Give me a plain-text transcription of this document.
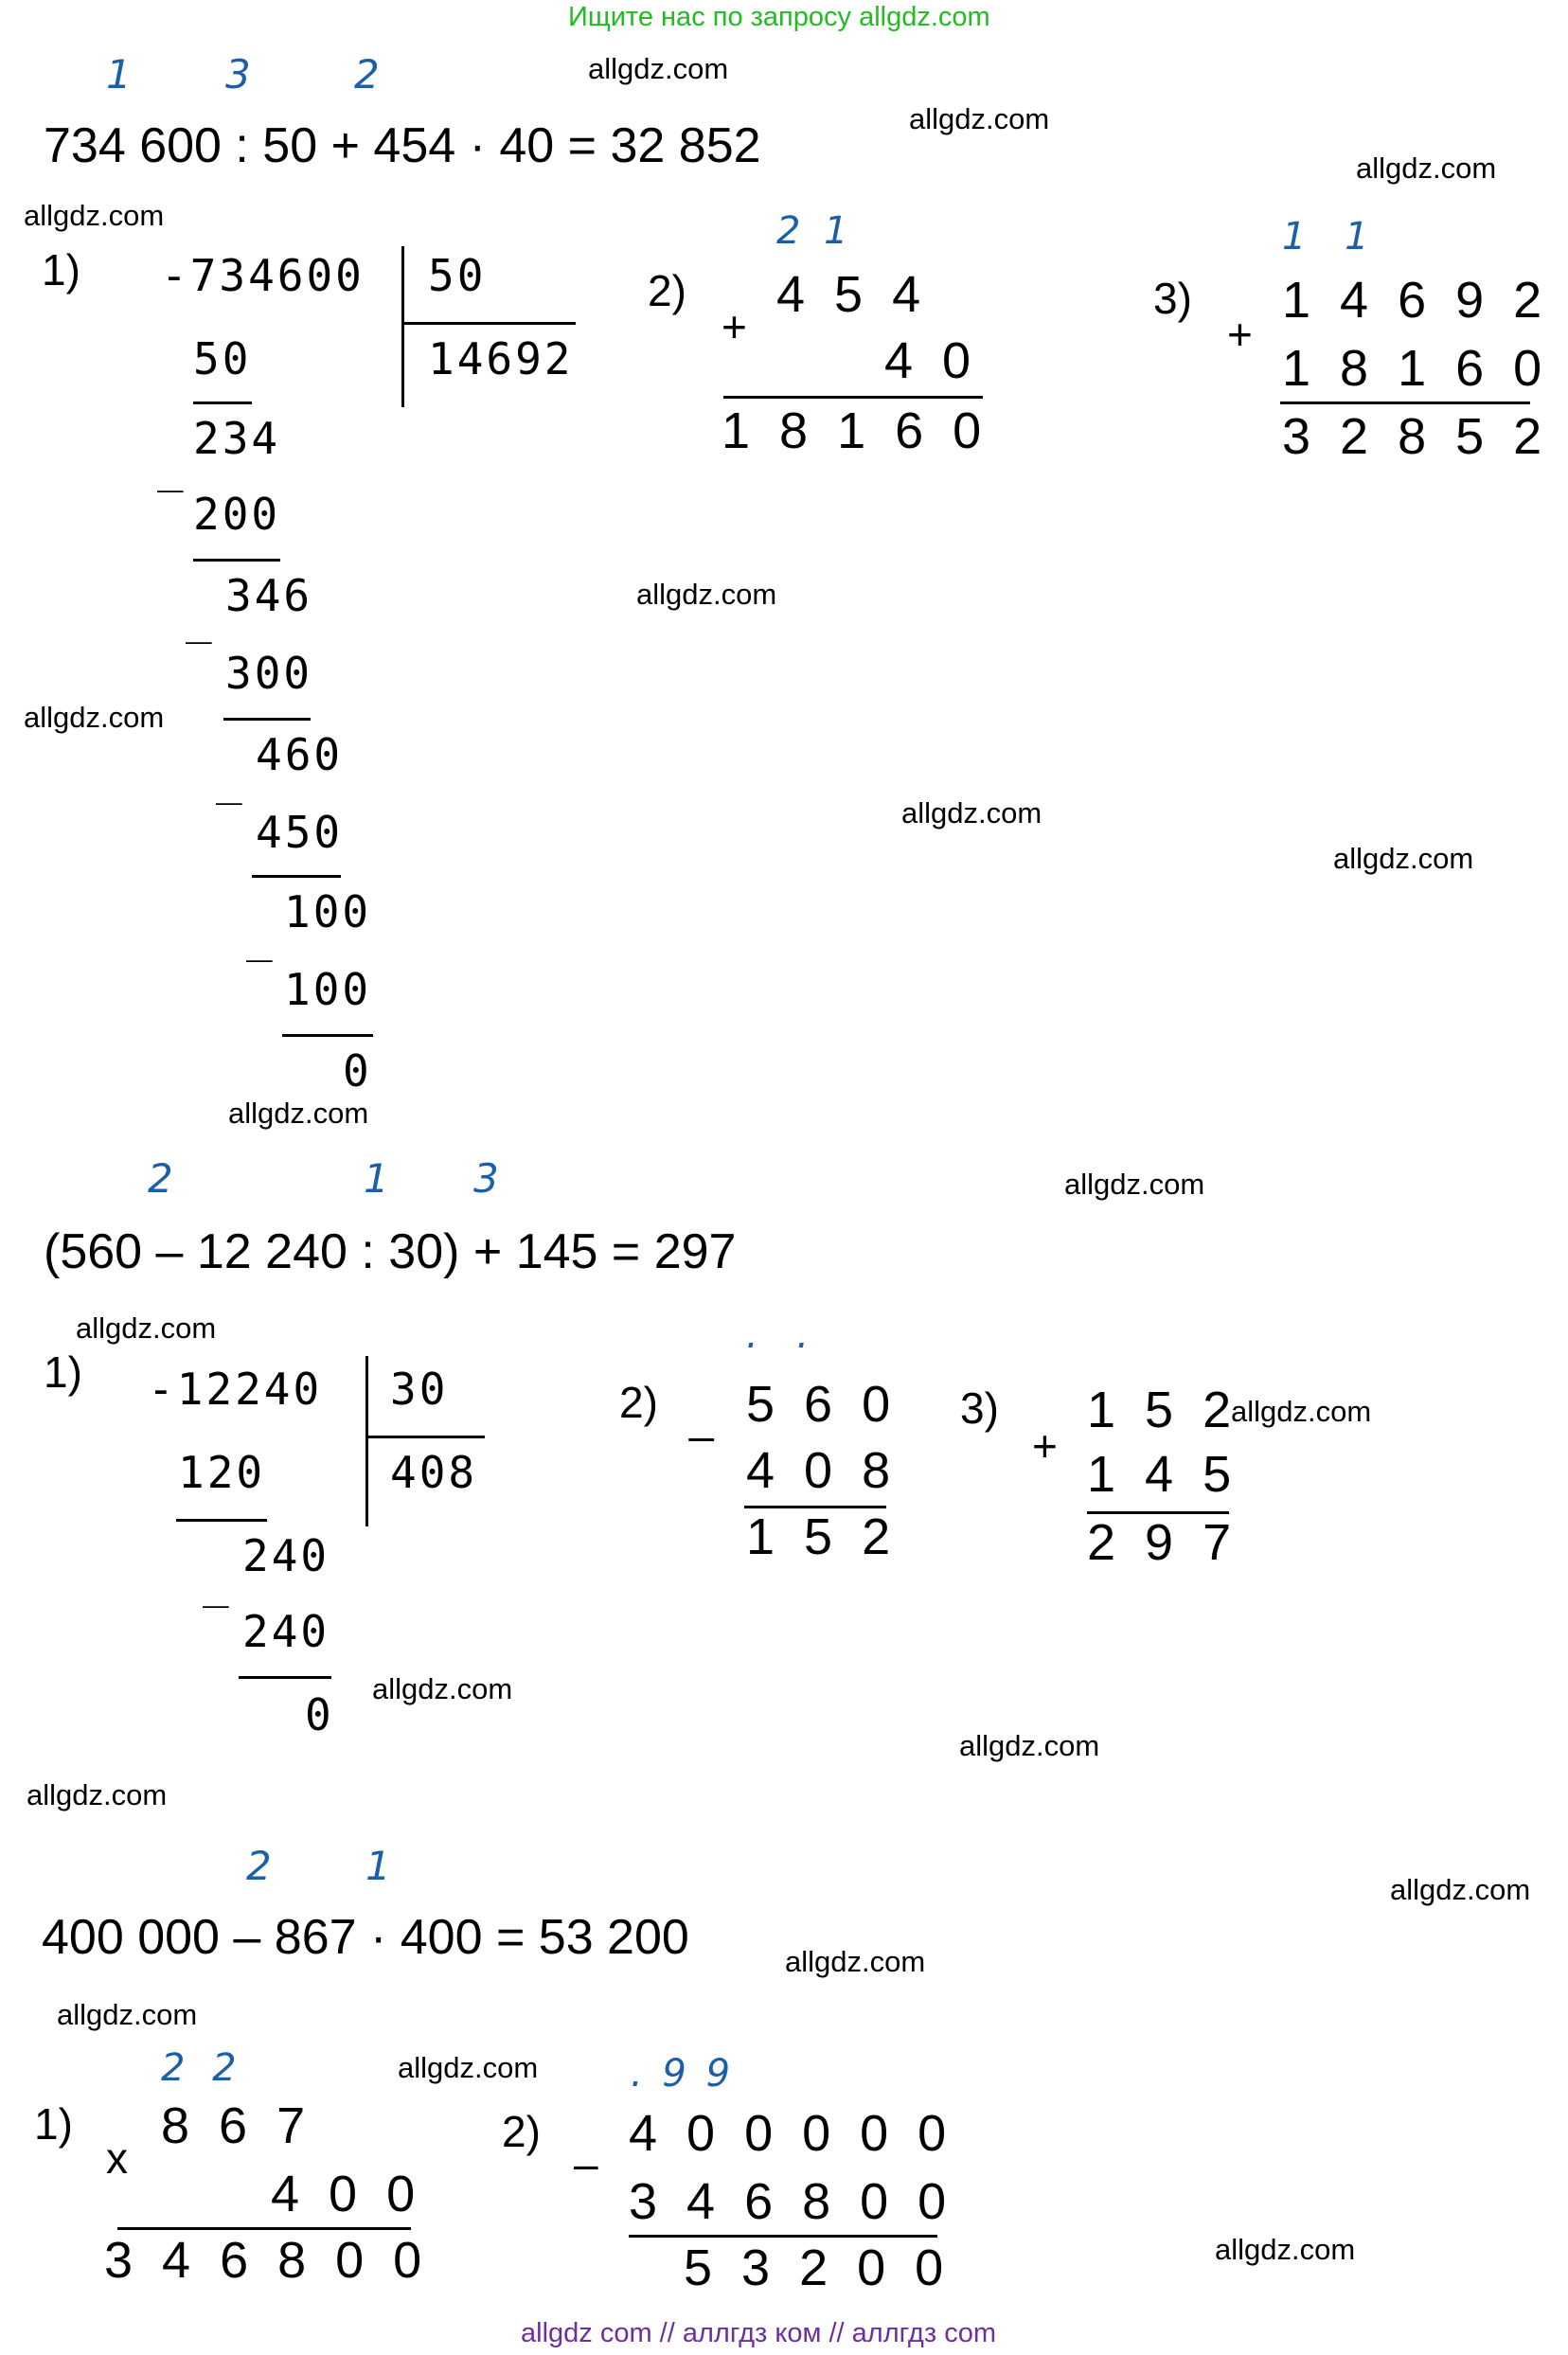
Ищите нас по запросу allgdz.com
allgdz com // аллгдз ком // аллгдз com
allgdz.com
allgdz.com
allgdz.com
allgdz.com
allgdz.com
allgdz.com
allgdz.com
allgdz.com
allgdz.com
allgdz.com
allgdz.com
allgdz.com
allgdz.com
allgdz.com
allgdz.com
allgdz.com
allgdz.com
allgdz.com
allgdz.com
allgdz.com
1 3	2
734 600 : 50 + 454 · 40 = 32 852
1) -734600 50
14692
50
234
_
200
346
_
300
460
_
450
100
_
100
0
2)
2 1
+
4 5 4
4 0
1 8 1 6 0
3)
1 1
+
1 4 6 9 2
1 8 1 6 0
3 2 8 5 2
2	1 3
(560 – 12 240 : 30) + 145 = 297
1) -12240 30
408
120
240
_
240
0
2)
. .
_ 5 6 0
4 0 8
1 5 2
3)
+
1 5 2
1 4 5
2 9 7
2 1
400 000 – 867 · 400 = 53 200
1)
2 2
x
8 6 7
4 0 0
3 4 6 8 0 0
2)
. 9 9
–
4 0 0 0 0 0
3 4 6 8 0 0
5 3 2 0 0
